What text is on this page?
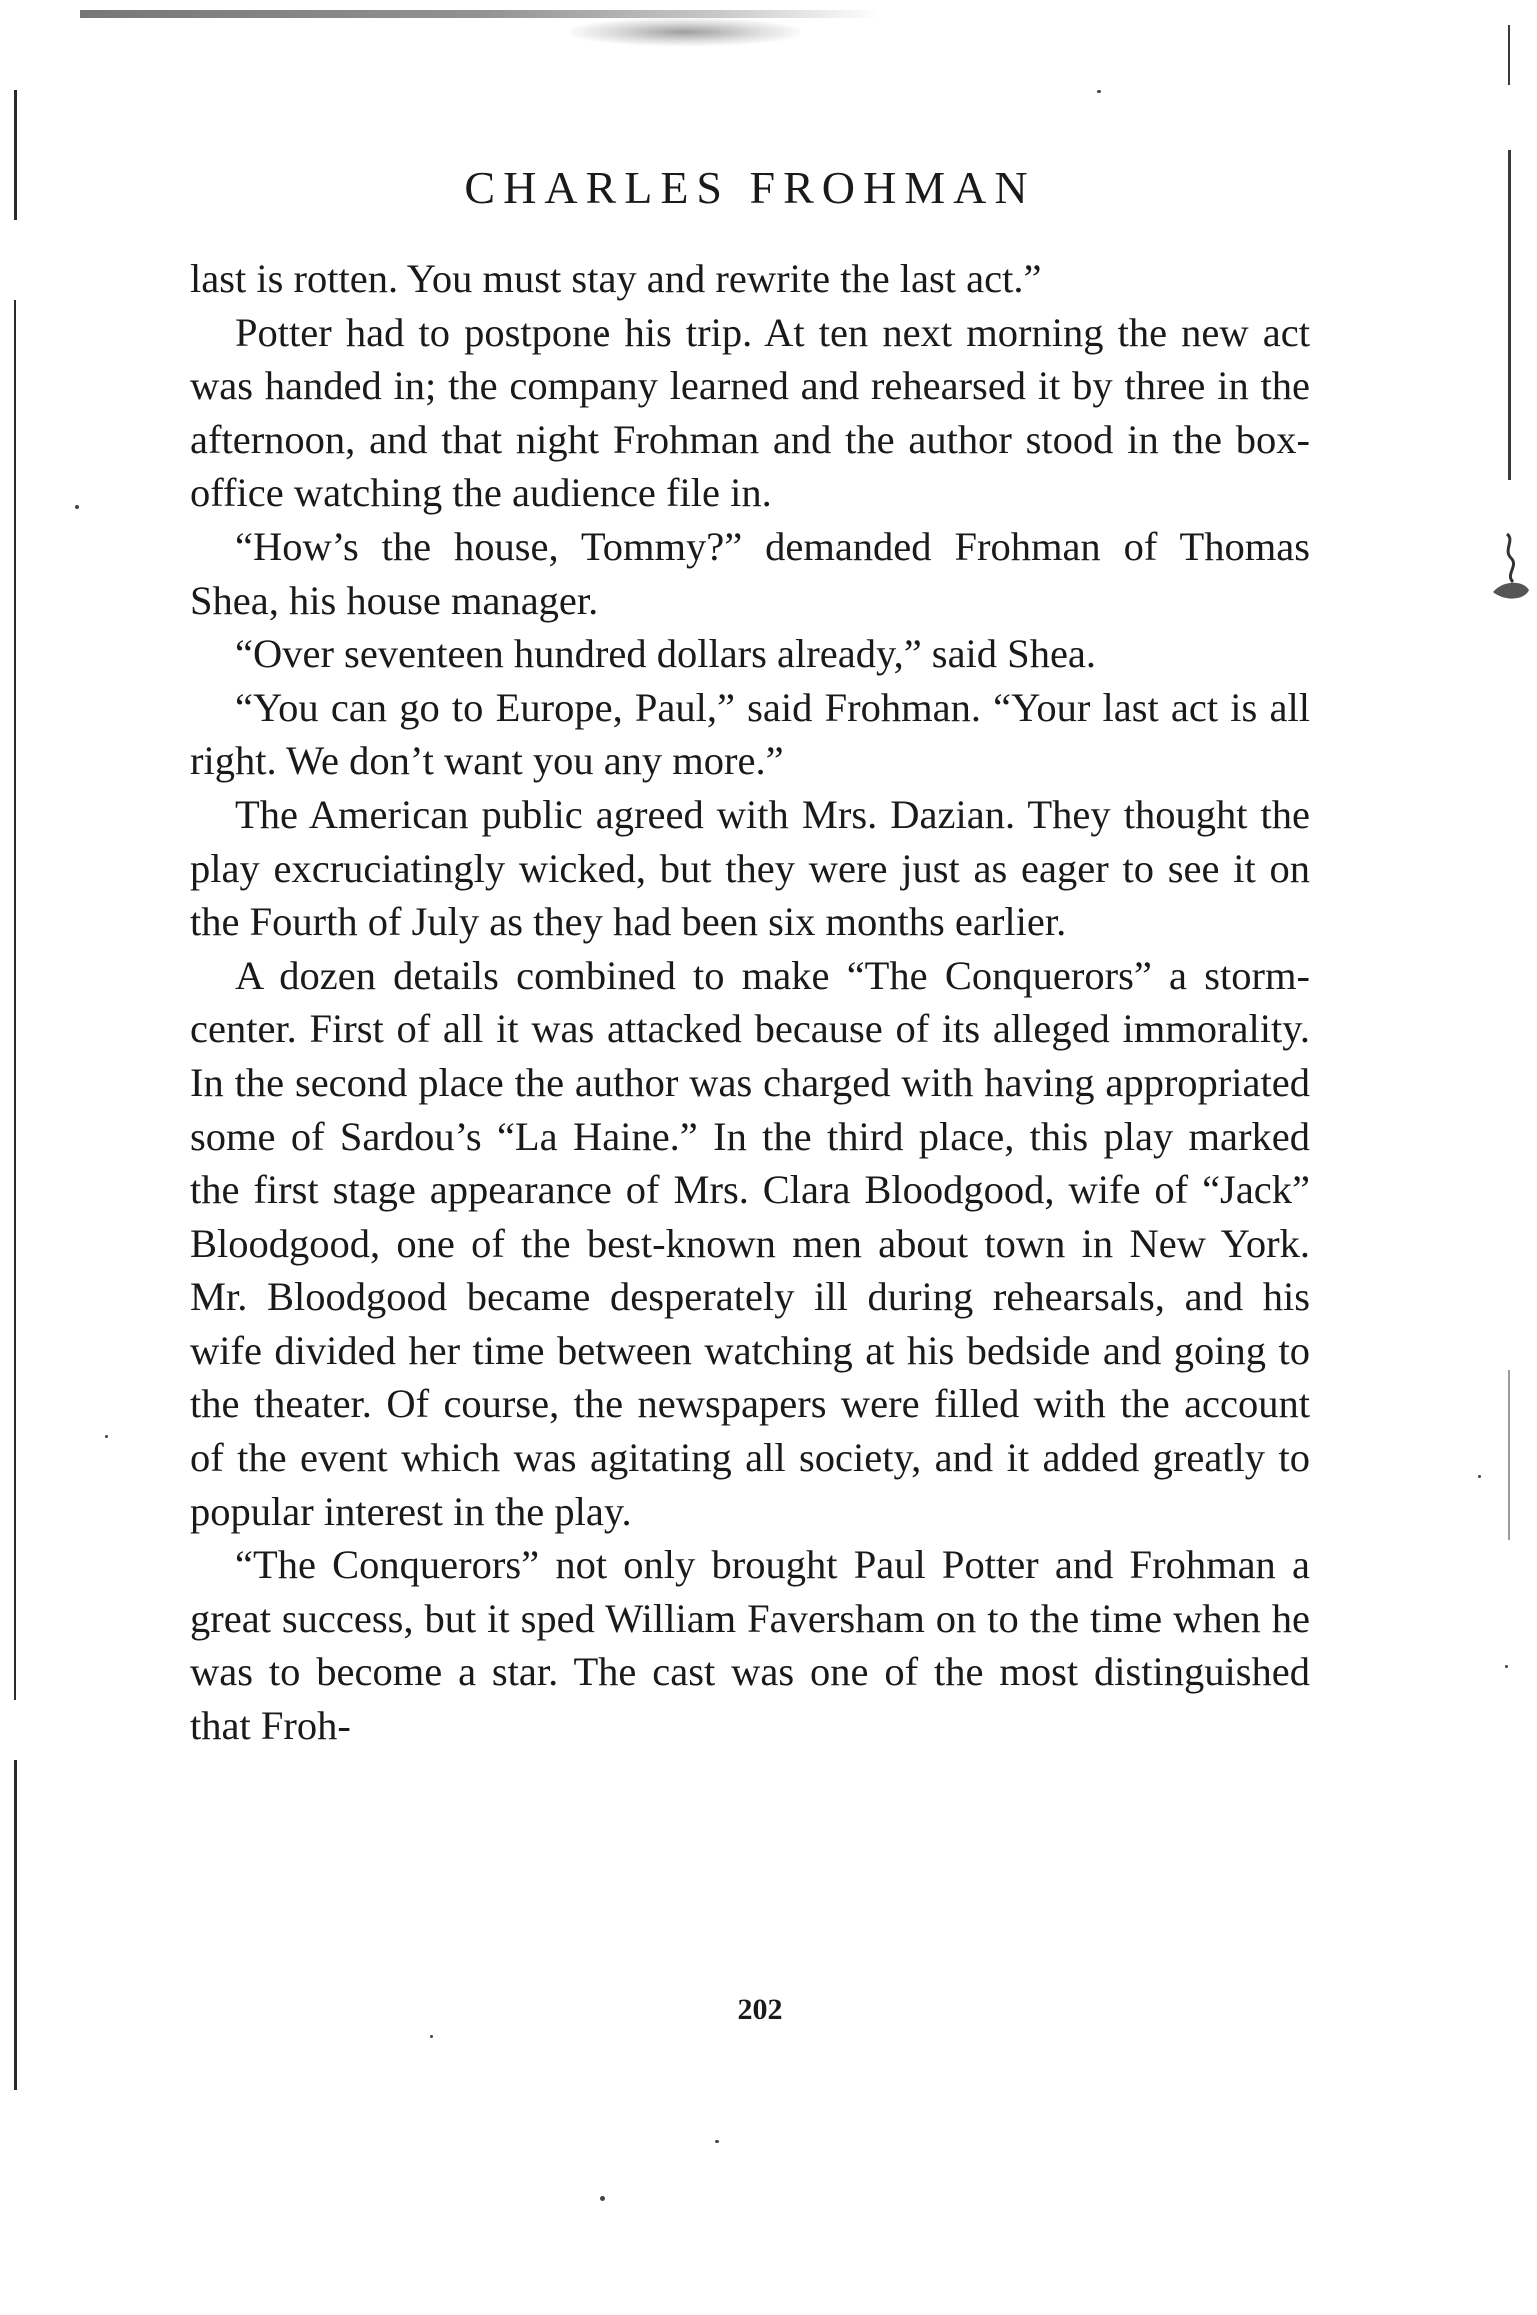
CHARLES FROHMAN

last is rotten. You must stay and rewrite the last act.”

Potter had to postpone his trip. At ten next morning the new act was handed in; the company learned and rehearsed it by three in the afternoon, and that night Frohman and the author stood in the box-office watching the audience file in.

“How’s the house, Tommy?” demanded Frohman of Thomas Shea, his house manager.

“Over seventeen hundred dollars already,” said Shea.

“You can go to Europe, Paul,” said Frohman. “Your last act is all right. We don’t want you any more.”

The American public agreed with Mrs. Dazian. They thought the play excruciatingly wicked, but they were just as eager to see it on the Fourth of July as they had been six months earlier.

A dozen details combined to make “The Conquerors” a storm-center. First of all it was attacked because of its alleged immorality. In the second place the author was charged with having appropriated some of Sardou’s “La Haine.” In the third place, this play marked the first stage appearance of Mrs. Clara Bloodgood, wife of “Jack” Bloodgood, one of the best-known men about town in New York. Mr. Bloodgood became desperately ill during rehearsals, and his wife divided her time between watching at his bedside and going to the theater. Of course, the newspapers were filled with the account of the event which was agitating all society, and it added greatly to popular interest in the play.

“The Conquerors” not only brought Paul Potter and Frohman a great success, but it sped William Faversham on to the time when he was to become a star. The cast was one of the most distinguished that Froh-

202
